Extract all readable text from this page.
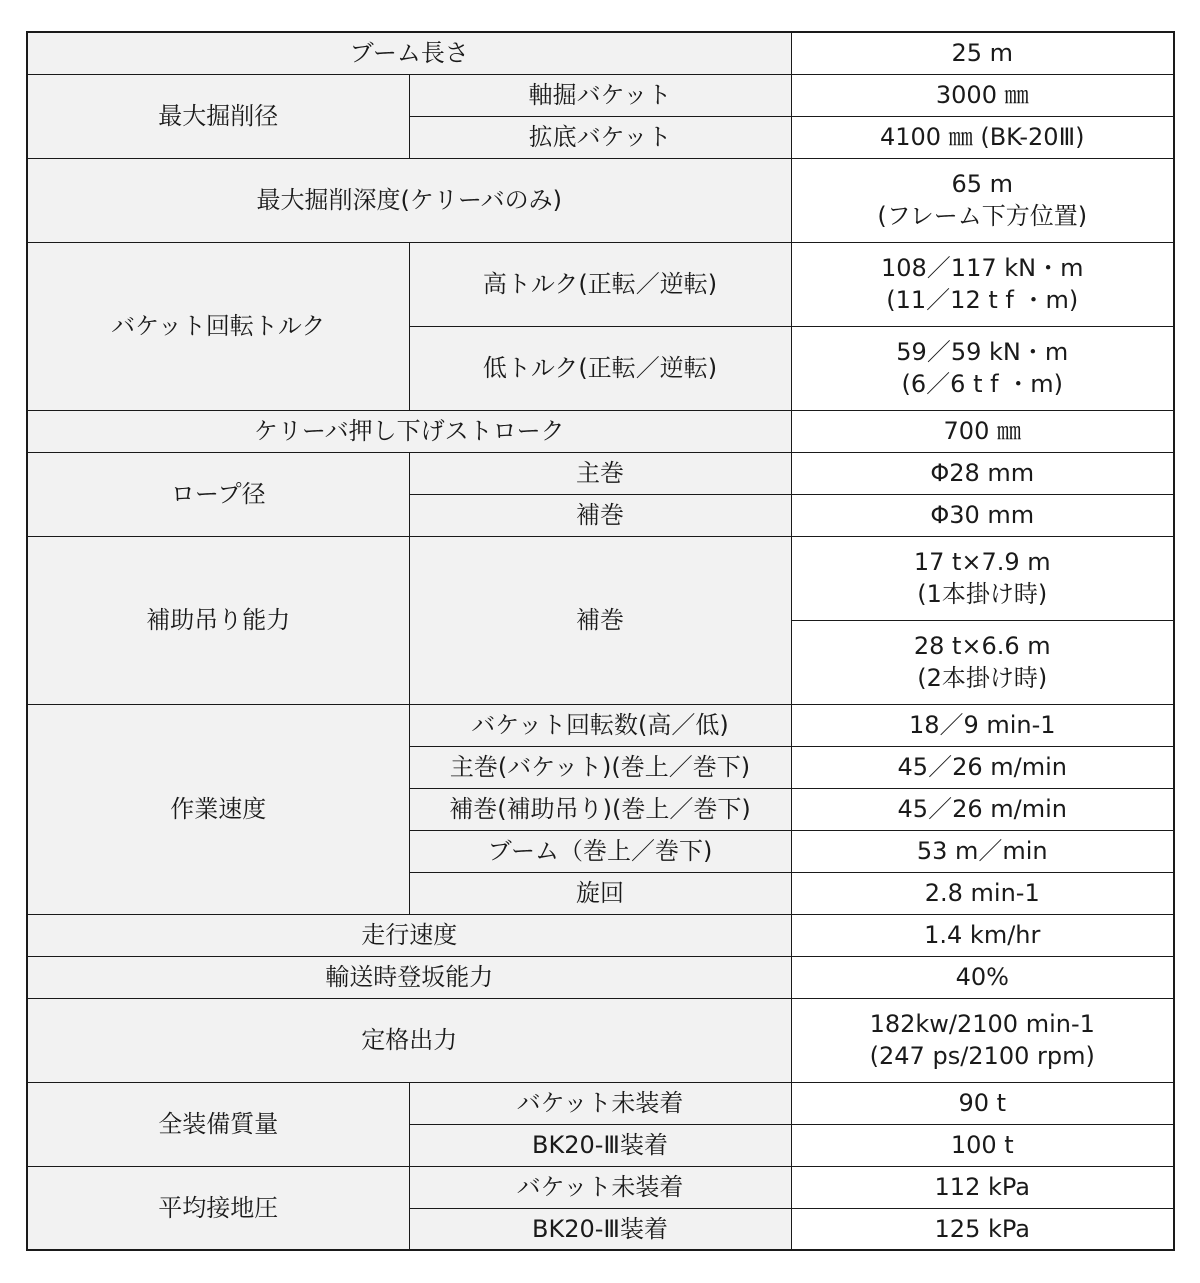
ブーム長さ		25 m
最大掘削径	軸掘バケット	3000 ㎜
	拡底バケット	4100 ㎜ (BK-20Ⅲ)
最大掘削深度(ケリーバのみ)		65 m
(フレーム下方位置)

バケット回転トルク	高トルク(正転／逆転)	108／117 kN・m
(11／12 t f ・m)

	低トルク(正転／逆転)	59／59 kN・m
(6／6 t f ・m)

ケリーバ押し下げストローク		700 ㎜
ロープ径	主巻	Φ28 mm
	補巻	Φ30 mm
補助吊り能力	補巻	17 t×7.9 m
(1本掛け時)

		28 t×6.6 m
(2本掛け時)

作業速度	バケット回転数(高／低)	18／9 min-1
	主巻(バケット)(巻上／巻下)	45／26 m/min
	補巻(補助吊り)(巻上／巻下)	45／26 m/min
	ブーム（巻上／巻下)	53 m／min
	旋回	2.8 min-1
走行速度		1.4 km/hr
輸送時登坂能力		40%
定格出力		182kw/2100 min-1
(247 ps/2100 rpm)

全装備質量	バケット未装着	90 t
	BK20-Ⅲ装着	100 t
平均接地圧	バケット未装着	112 kPa
	BK20-Ⅲ装着	125 kPa
